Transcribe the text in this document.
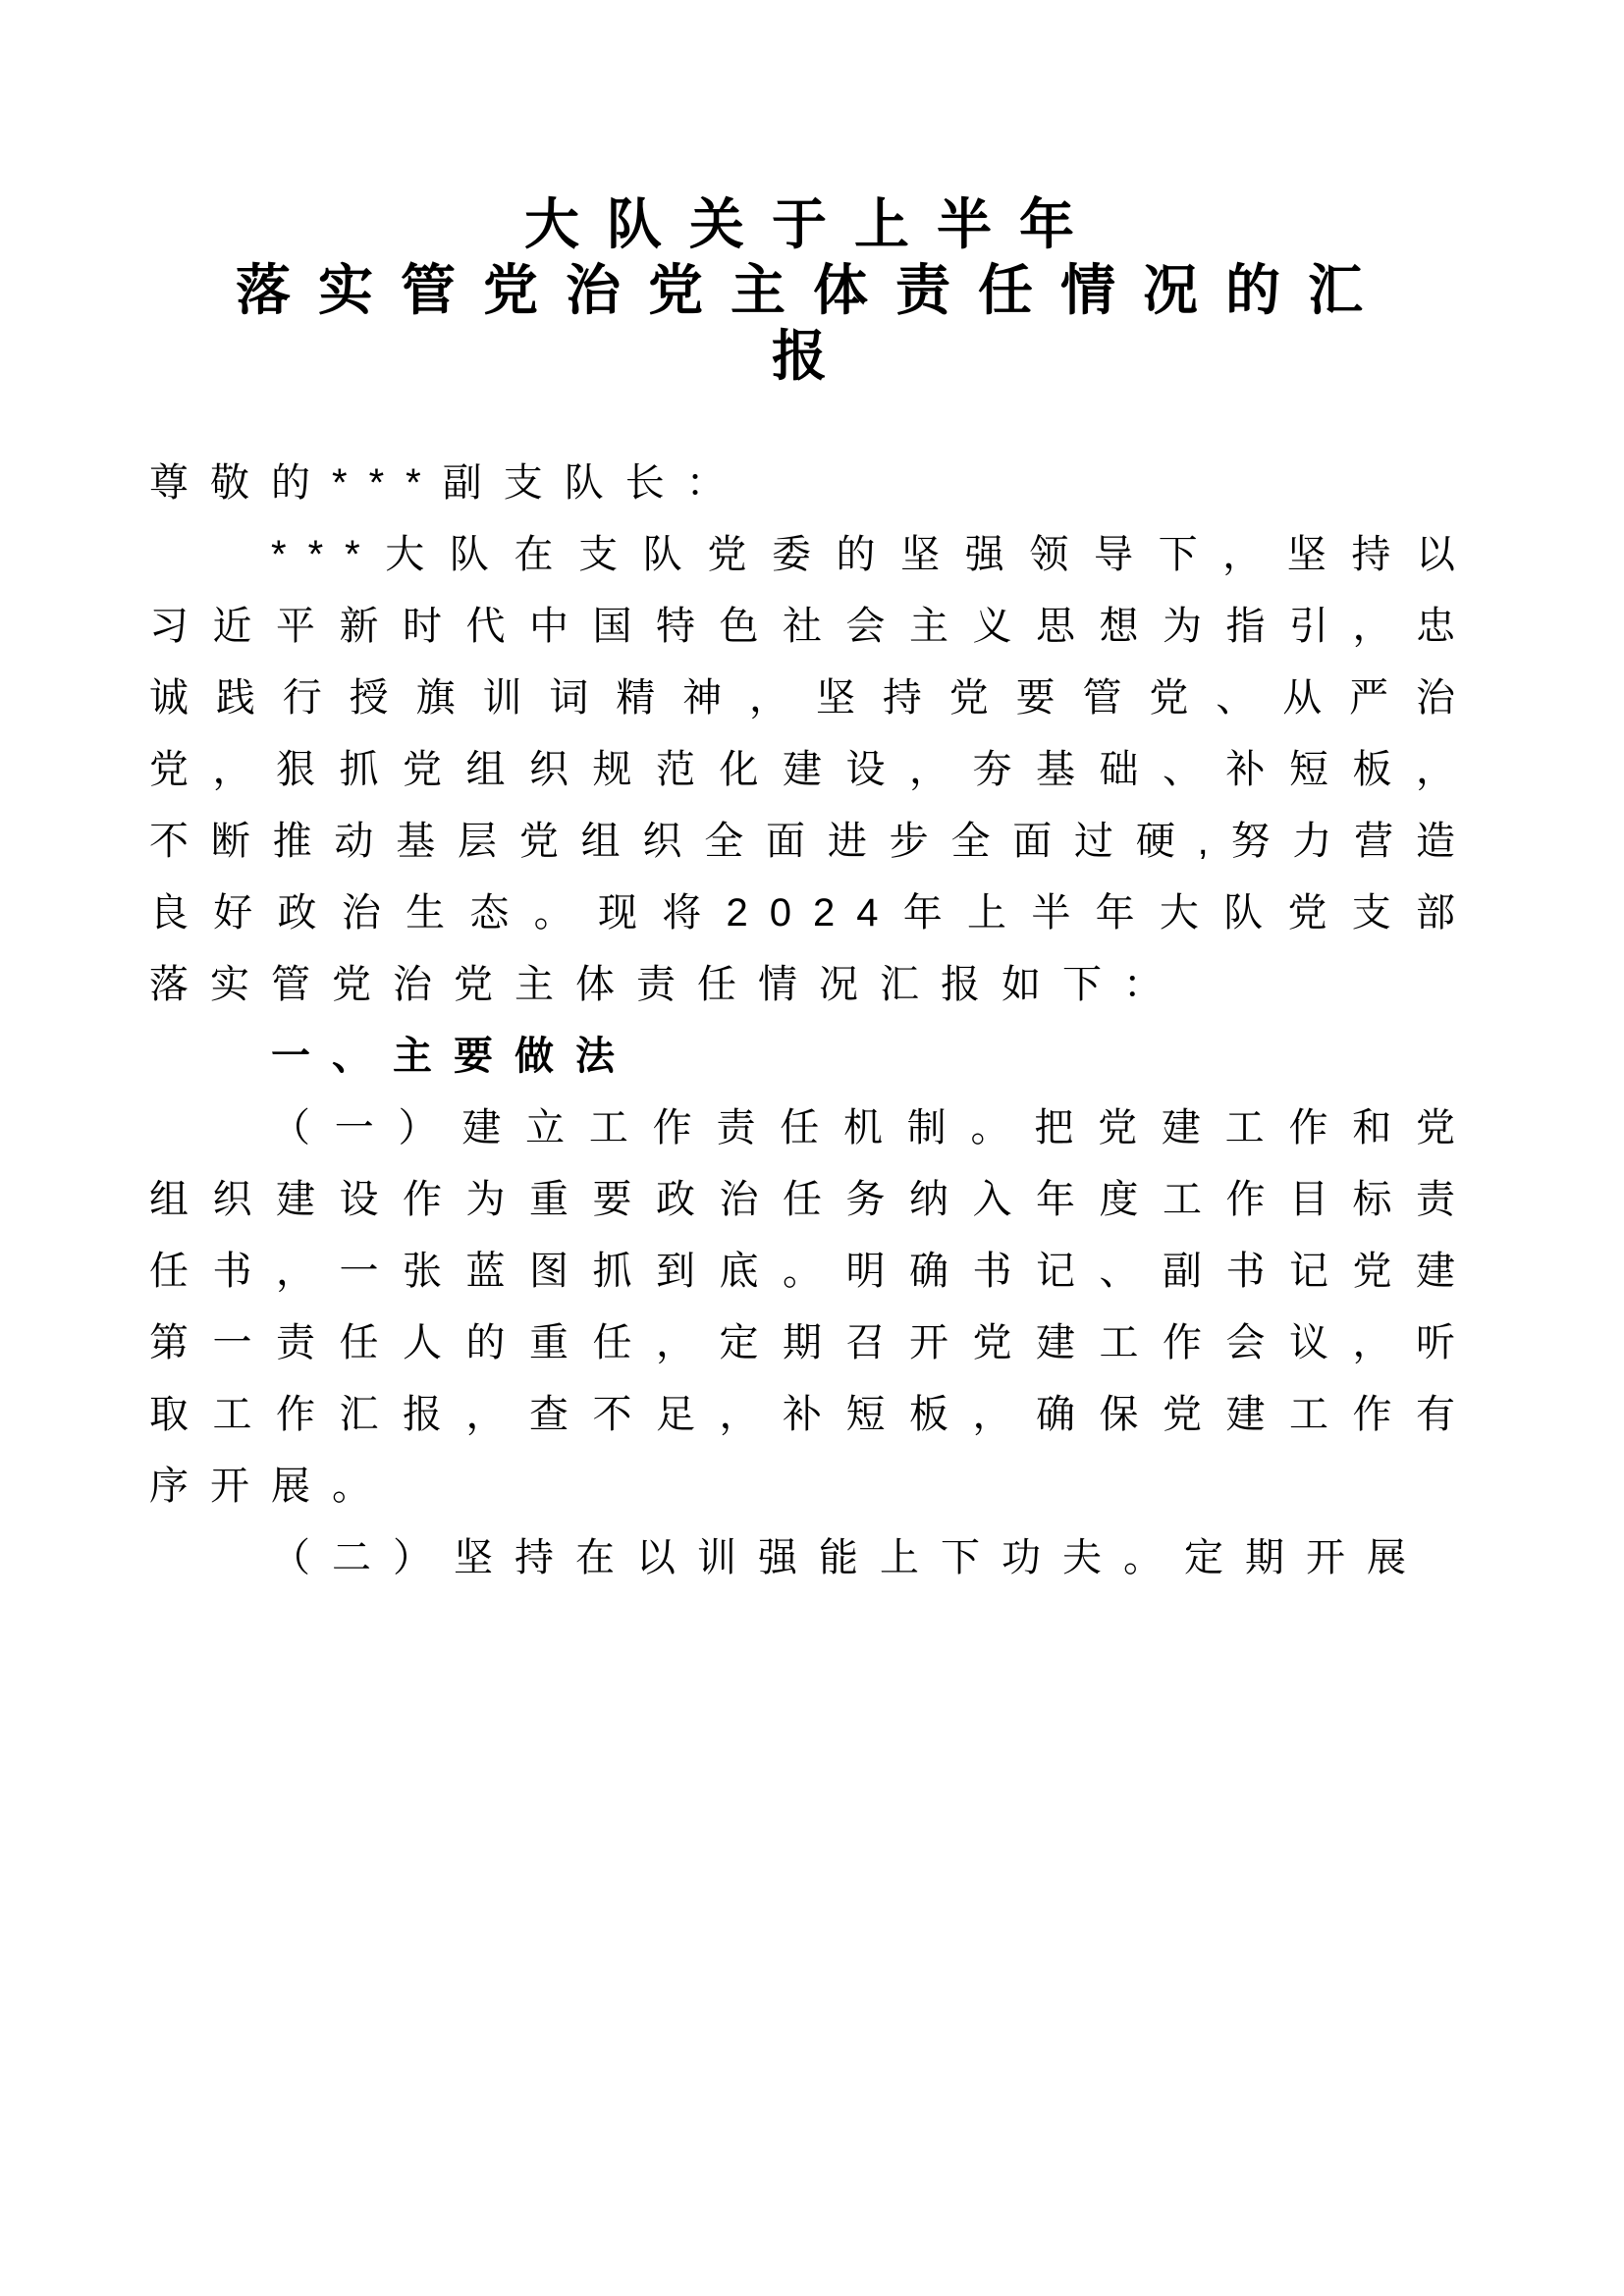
大队关于上半年
落实管党治党主体责任情况的汇
报

尊敬的***副支队长：

***大队在支队党委的坚强领导下，坚持以习近平新时代中国特色社会主义思想为指引，忠诚践行授旗训词精神，坚持党要管党、从严治党，狠抓党组织规范化建设，夯基础、补短板，不断推动基层党组织全面进步全面过硬,努力营造良好政治生态。现将2024年上半年大队党支部落实管党治党主体责任情况汇报如下：

一、主要做法

（一）建立工作责任机制。把党建工作和党组织建设作为重要政治任务纳入年度工作目标责任书，一张蓝图抓到底。明确书记、副书记党建第一责任人的重任，定期召开党建工作会议，听取工作汇报，查不足，补短板，确保党建工作有序开展。

（二）坚持在以训强能上下功夫。定期开展
